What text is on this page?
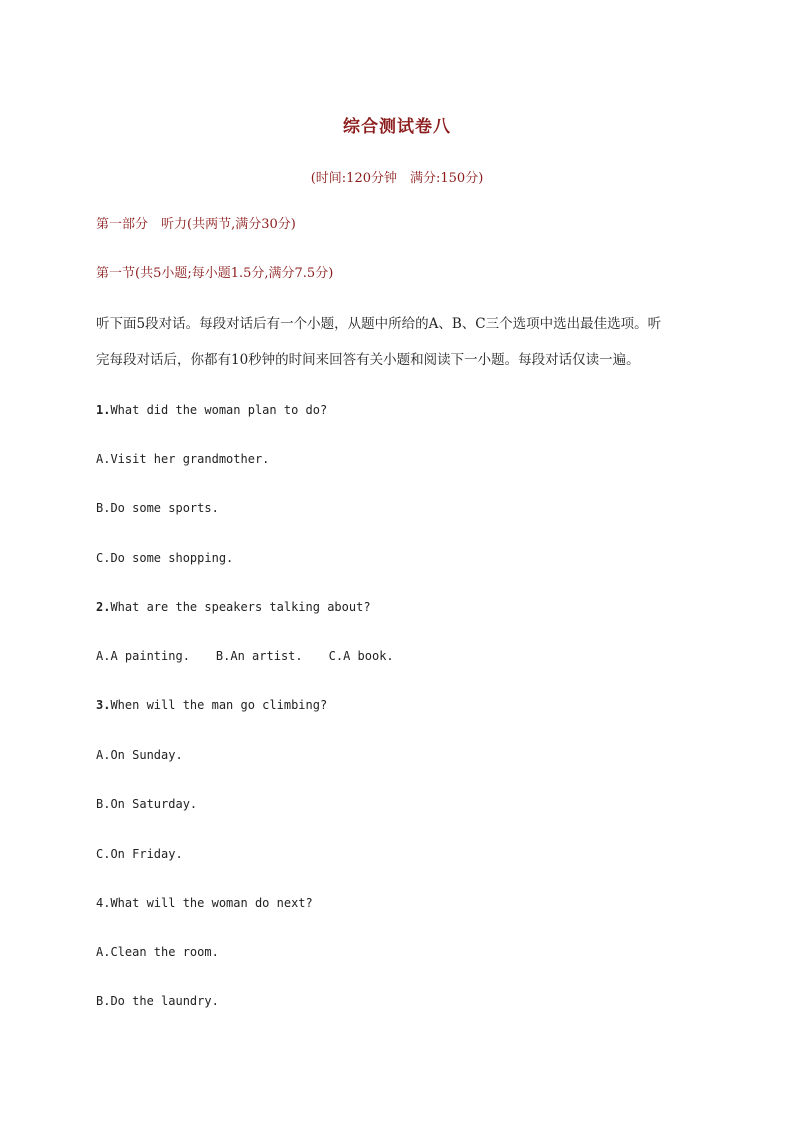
综合测试卷八
(时间:120分钟　满分:150分)
第一部分　听力(共两节,满分30分)
第一节(共5小题;每小题1.5分,满分7.5分)
听下面5段对话。每段对话后有一个小题，从题中所给的A、B、C三个选项中选出最佳选项。听
完每段对话后，你都有10秒钟的时间来回答有关小题和阅读下一小题。每段对话仅读一遍。
1.What did the woman plan to do?
A.Visit her grandmother.
B.Do some sports.
C.Do some shopping.
2.What are the speakers talking about?
A.A painting. B.An artist. C.A book.
3.When will the man go climbing?
A.On Sunday.
B.On Saturday.
C.On Friday.
4.What will the woman do next?
A.Clean the room.
B.Do the laundry.
